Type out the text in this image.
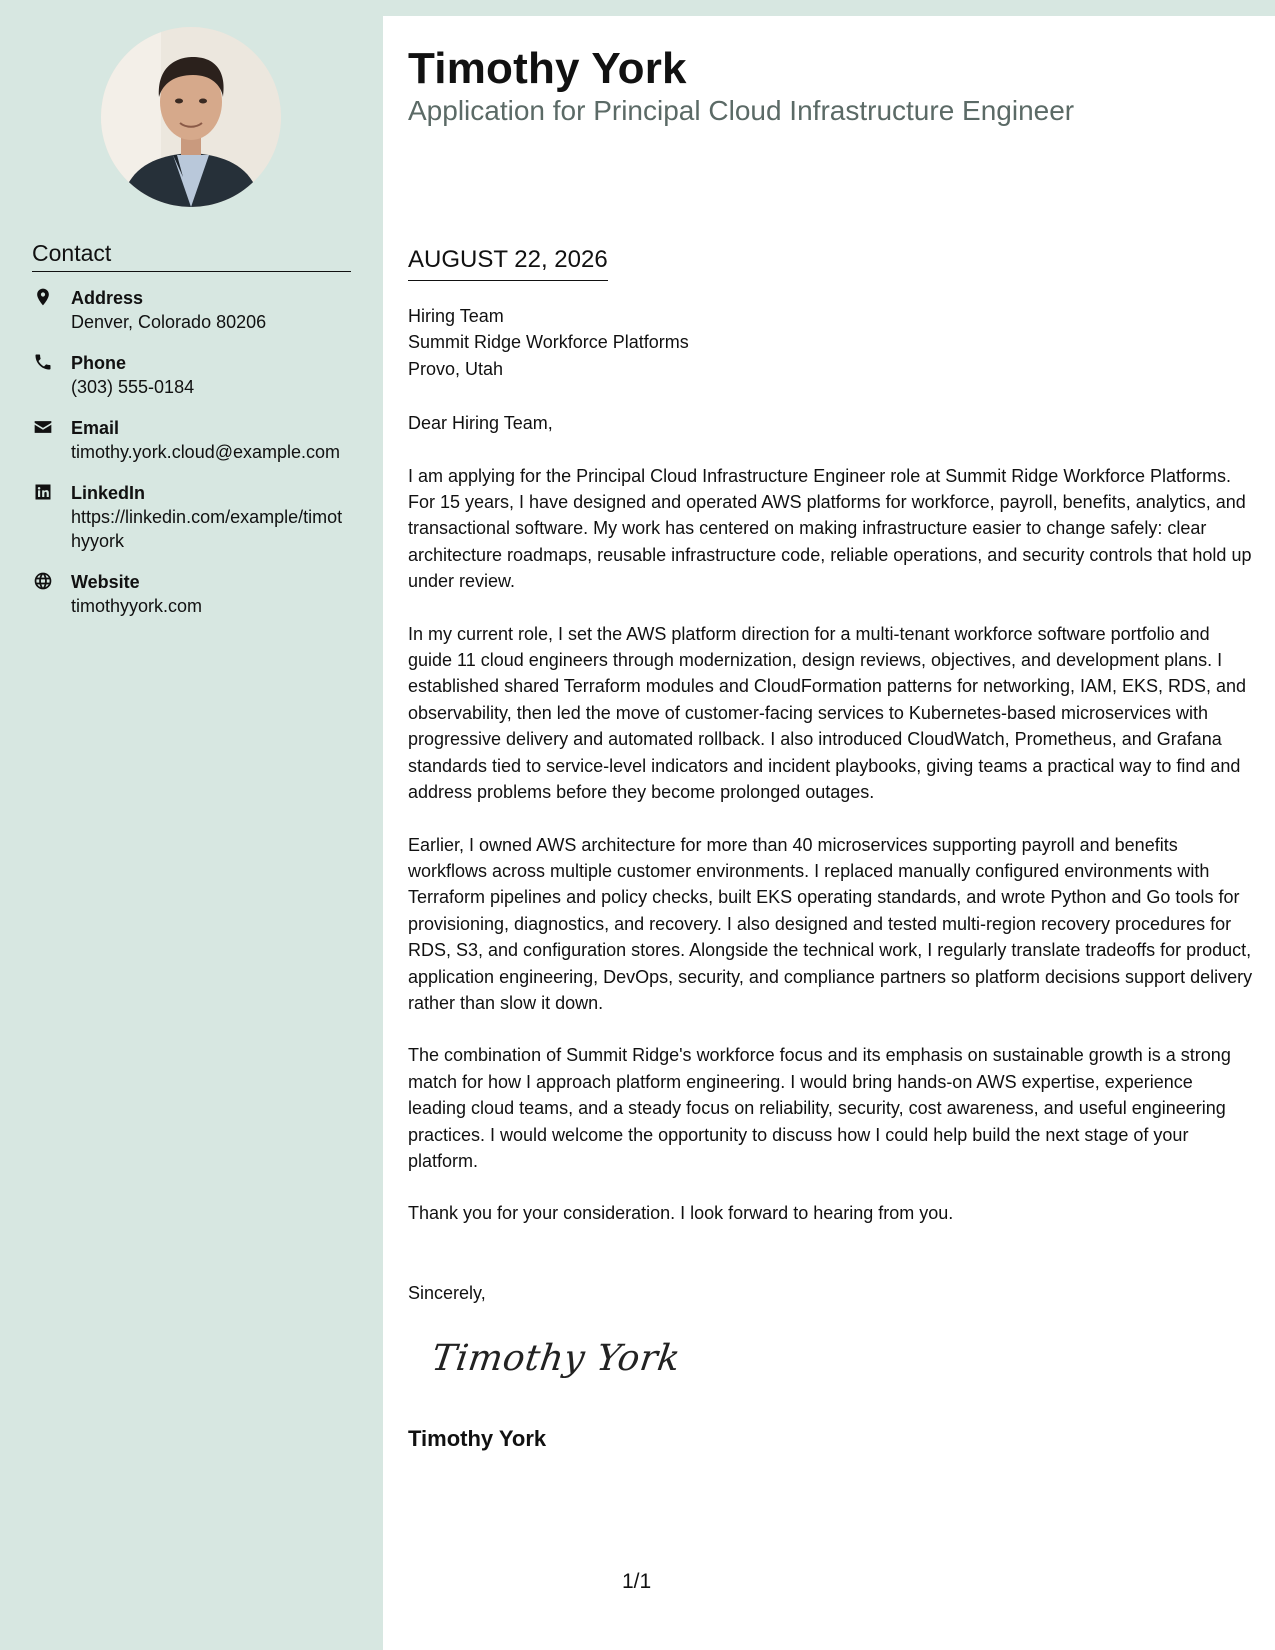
Contact
Address
Denver, Colorado 80206
Phone
(303) 555-0184
Email
timothy.york.cloud@example.com
LinkedIn
https://linkedin.com/example/timothyyork
Website
timothyyork.com
Timothy York
Application for Principal Cloud Infrastructure Engineer
AUGUST 22, 2026
Hiring Team
Summit Ridge Workforce Platforms
Provo, Utah

Dear Hiring Team,

I am applying for the Principal Cloud Infrastructure Engineer role at Summit Ridge Workforce Platforms. For 15 years, I have designed and operated AWS platforms for workforce, payroll, benefits, analytics, and transactional software. My work has centered on making infrastructure easier to change safely: clear architecture roadmaps, reusable infrastructure code, reliable operations, and security controls that hold up under review.

In my current role, I set the AWS platform direction for a multi-tenant workforce software portfolio and guide 11 cloud engineers through modernization, design reviews, objectives, and development plans. I established shared Terraform modules and CloudFormation patterns for networking, IAM, EKS, RDS, and observability, then led the move of customer-facing services to Kubernetes-based microservices with progressive delivery and automated rollback. I also introduced CloudWatch, Prometheus, and Grafana standards tied to service-level indicators and incident playbooks, giving teams a practical way to find and address problems before they become prolonged outages.

Earlier, I owned AWS architecture for more than 40 microservices supporting payroll and benefits workflows across multiple customer environments. I replaced manually configured environments with Terraform pipelines and policy checks, built EKS operating standards, and wrote Python and Go tools for provisioning, diagnostics, and recovery. I also designed and tested multi-region recovery procedures for RDS, S3, and configuration stores. Alongside the technical work, I regularly translate tradeoffs for product, application engineering, DevOps, security, and compliance partners so platform decisions support delivery rather than slow it down.

The combination of Summit Ridge's workforce focus and its emphasis on sustainable growth is a strong match for how I approach platform engineering. I would bring hands-on AWS expertise, experience leading cloud teams, and a steady focus on reliability, security, cost awareness, and useful engineering practices. I would welcome the opportunity to discuss how I could help build the next stage of your platform.

Thank you for your consideration. I look forward to hearing from you.

Sincerely,
Timothy York
Timothy York
1/1
